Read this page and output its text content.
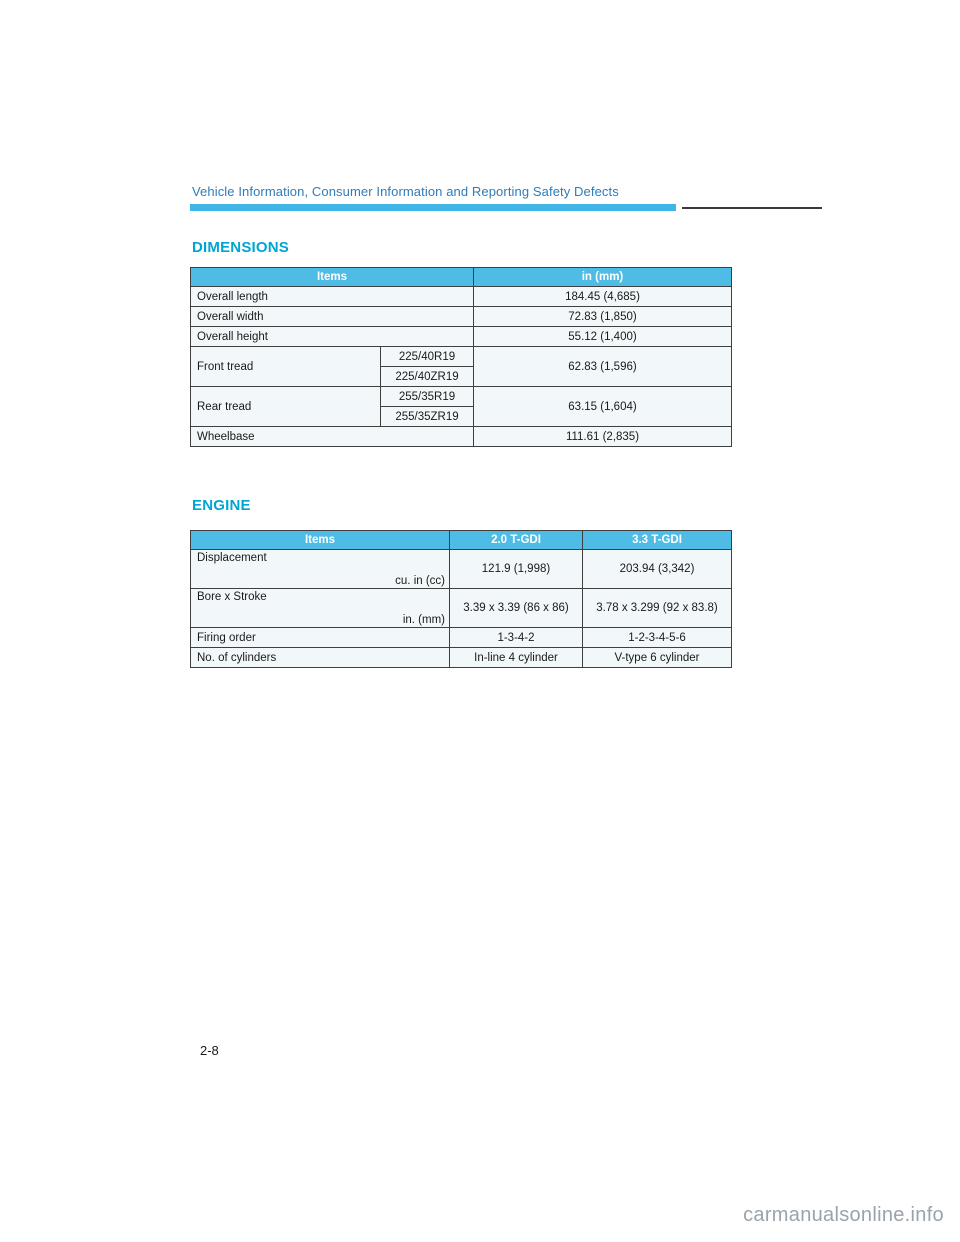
Vehicle Information, Consumer Information and Reporting Safety Defects
DIMENSIONS
Items		in (mm)
Overall length		184.45 (4,685)
Overall width		72.83 (1,850)
Overall height		55.12 (1,400)
Front tread	225/40R19	62.83 (1,596)
	225/40ZR19	
Rear tread	255/35R19	63.15 (1,604)
	255/35ZR19	
Wheelbase		111.61 (2,835)
ENGINE
Items	2.0 T-GDI	3.3 T-GDI

Displacement
cu. in (cc)	121.9 (1,998)	203.94 (3,342)

Bore x Stroke
in. (mm)	3.39 x 3.39 (86 x 86)	3.78 x 3.299 (92 x 83.8)
Firing order	1-3-4-2	1-2-3-4-5-6
No. of cylinders	In-line 4 cylinder	V-type 6 cylinder
2-8
carmanualsonline.info
